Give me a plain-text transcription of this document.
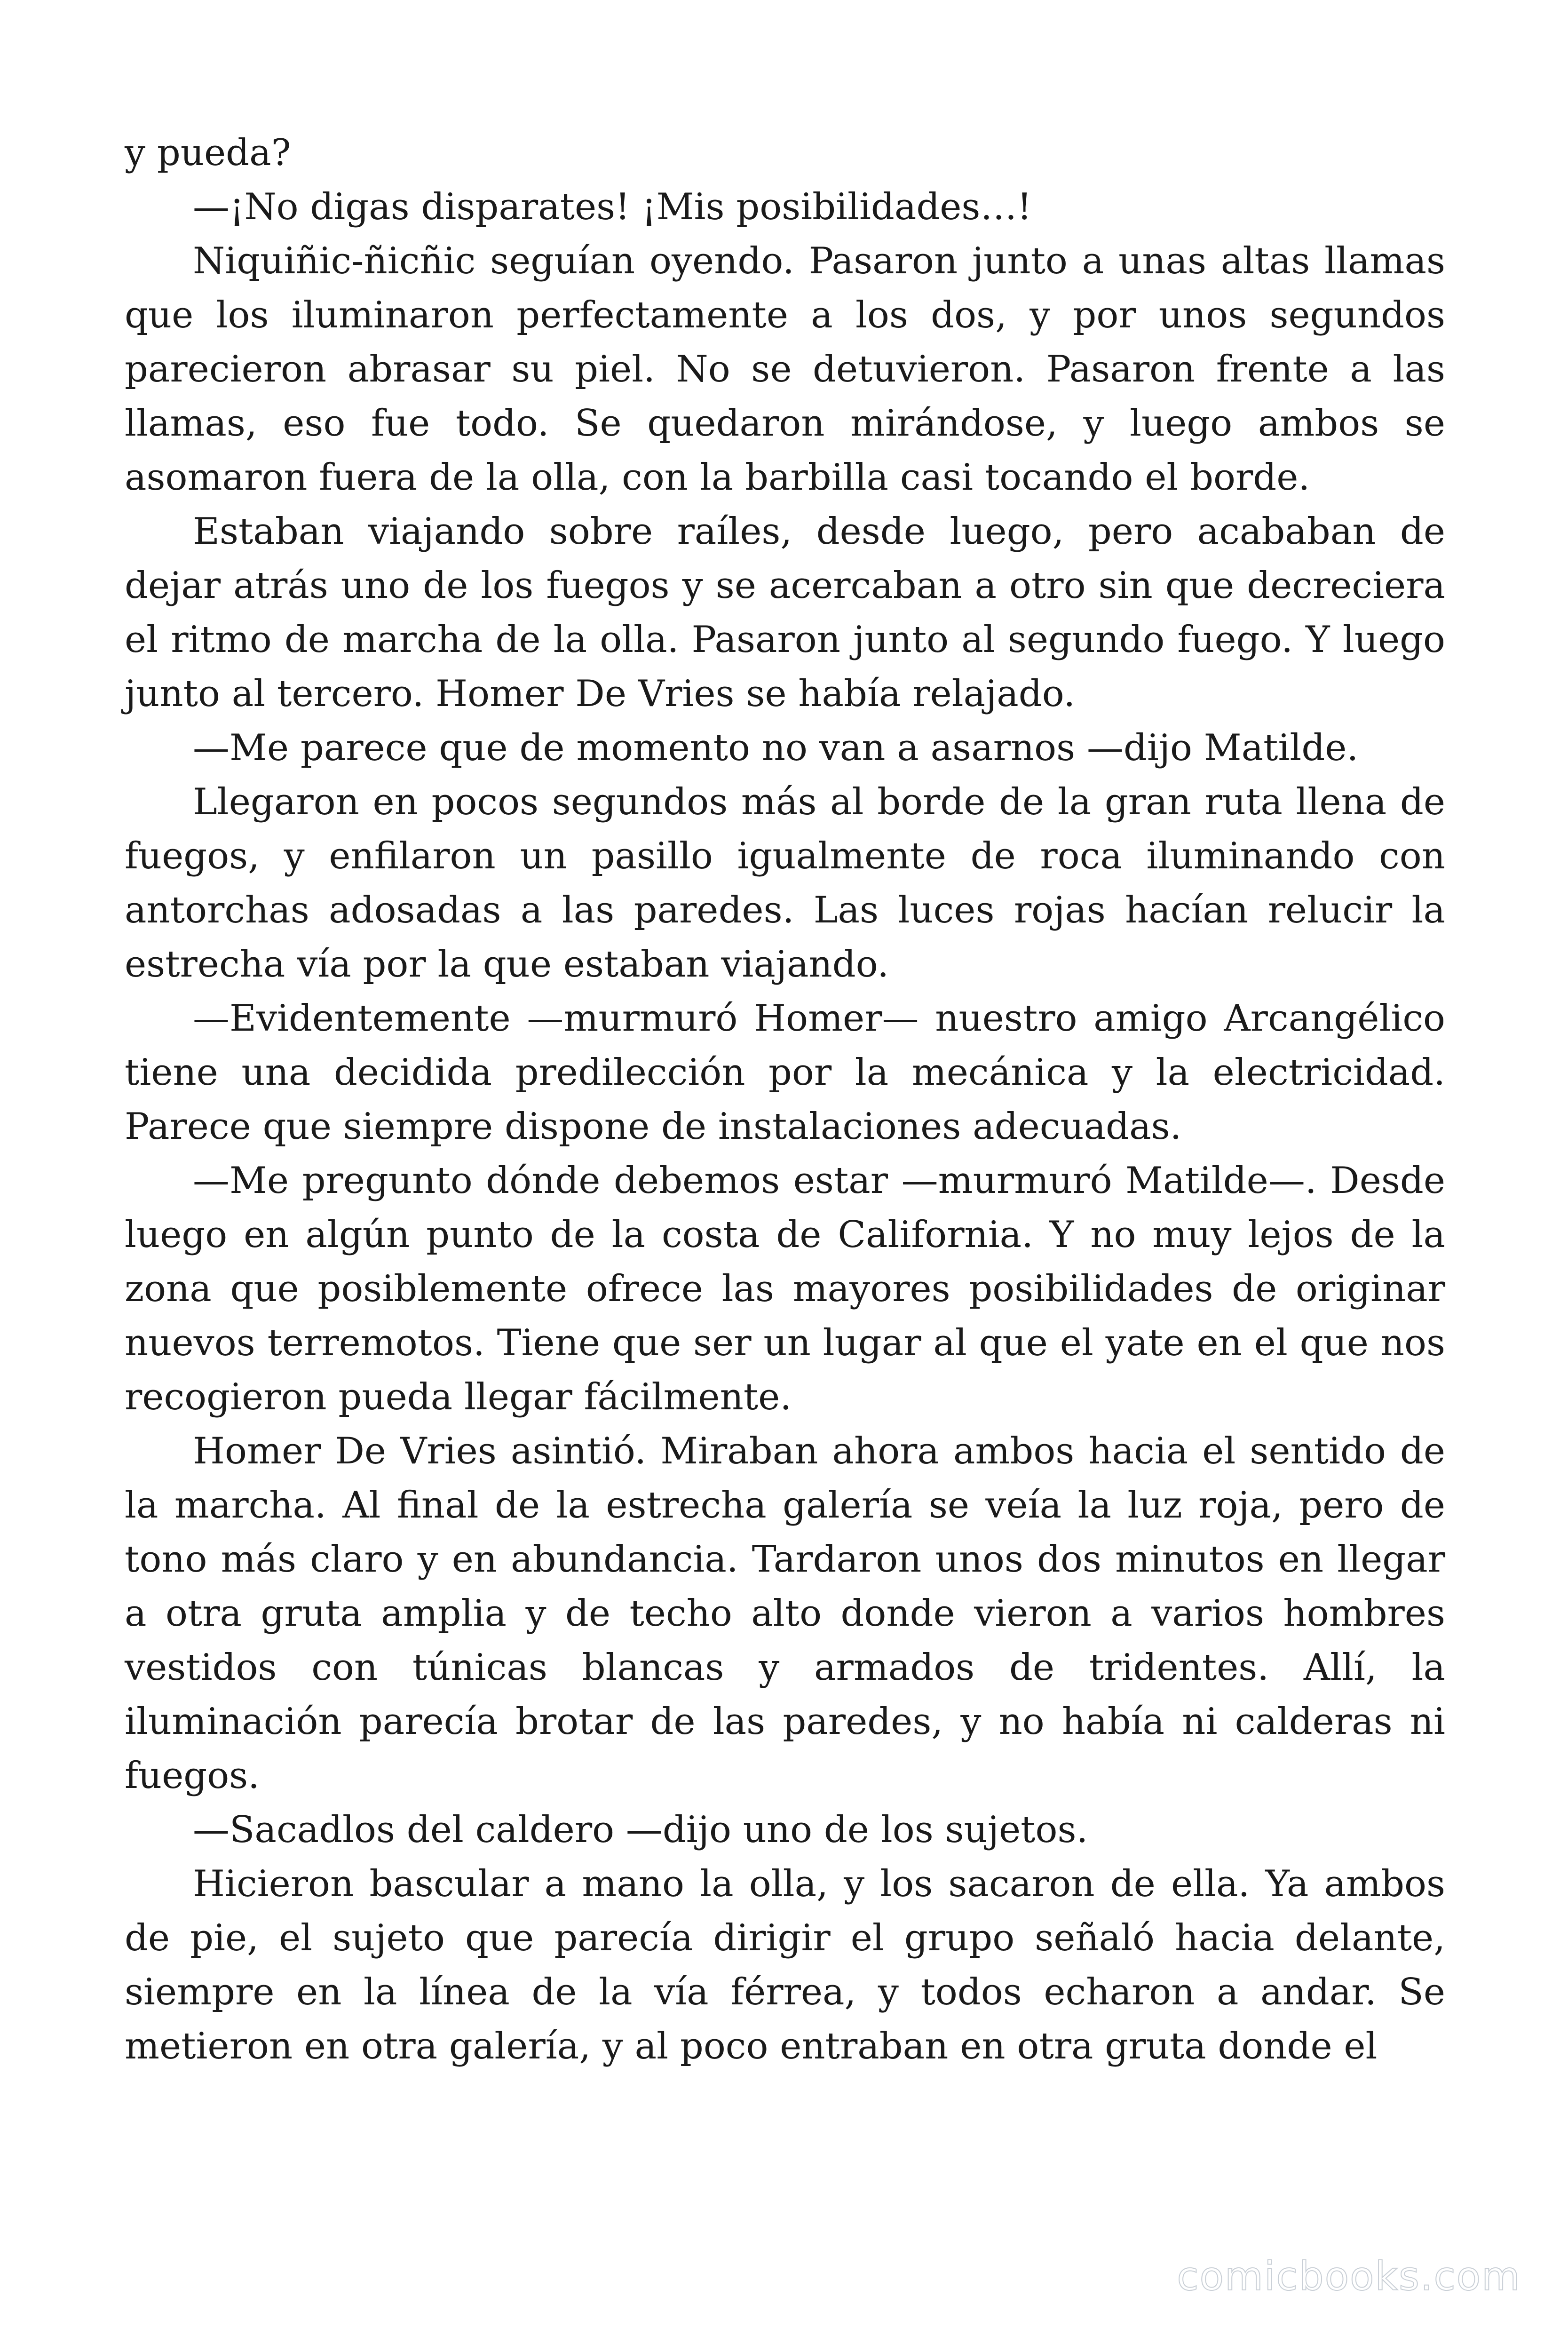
y pueda?

—¡No digas disparates! ¡Mis posibilidades…!

Niquiñic-ñicñic seguían oyendo. Pasaron junto a unas altas llamas que los iluminaron perfectamente a los dos, y por unos segundos parecieron abrasar su piel. No se detuvieron. Pasaron frente a las llamas, eso fue todo. Se quedaron mirándose, y luego ambos se asomaron fuera de la olla, con la barbilla casi tocando el borde.

Estaban viajando sobre raíles, desde luego, pero acababan de dejar atrás uno de los fuegos y se acercaban a otro sin que decreciera el ritmo de marcha de la olla. Pasaron junto al segundo fuego. Y luego junto al tercero. Homer De Vries se había relajado.

—Me parece que de momento no van a asarnos —dijo Matilde.

Llegaron en pocos segundos más al borde de la gran ruta llena de fuegos, y enfilaron un pasillo igualmente de roca iluminando con antorchas adosadas a las paredes. Las luces rojas hacían relucir la estrecha vía por la que estaban viajando.

—Evidentemente —murmuró Homer— nuestro amigo Arcangélico tiene una decidida predilección por la mecánica y la electricidad. Parece que siempre dispone de instalaciones adecuadas.

—Me pregunto dónde debemos estar —murmuró Matilde—. Desde luego en algún punto de la costa de California. Y no muy lejos de la zona que posiblemente ofrece las mayores posibilidades de originar nuevos terremotos. Tiene que ser un lugar al que el yate en el que nos recogieron pueda llegar fácilmente.

Homer De Vries asintió. Miraban ahora ambos hacia el sentido de la marcha. Al final de la estrecha galería se veía la luz roja, pero de tono más claro y en abundancia. Tardaron unos dos minutos en llegar a otra gruta amplia y de techo alto donde vieron a varios hombres vestidos con túnicas blancas y armados de tridentes. Allí, la iluminación parecía brotar de las paredes, y no había ni calderas ni fuegos.

—Sacadlos del caldero —dijo uno de los sujetos.

Hicieron bascular a mano la olla, y los sacaron de ella. Ya ambos de pie, el sujeto que parecía dirigir el grupo señaló hacia delante, siempre en la línea de la vía férrea, y todos echaron a andar. Se metieron en otra galería, y al poco entraban en otra gruta donde el

comicbooks.com
